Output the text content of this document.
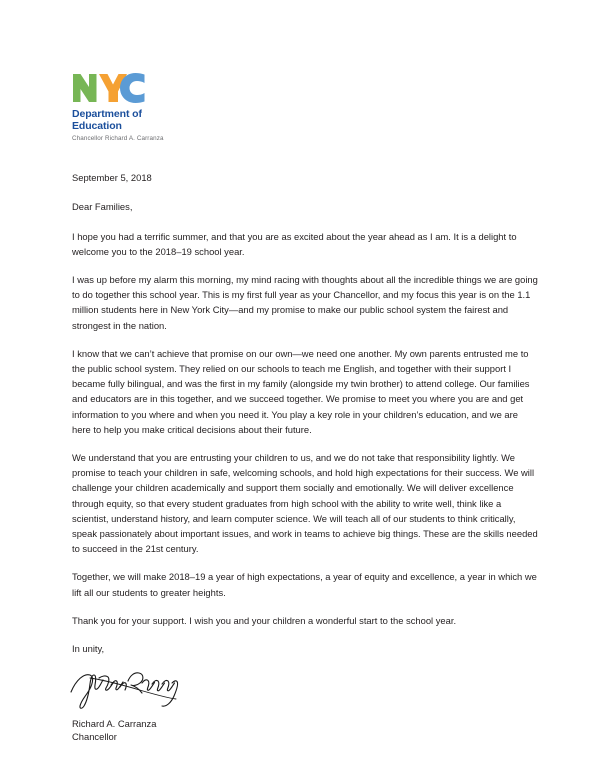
Department of
Education

Chancellor Richard A. Carranza

September 5, 2018

Dear Families,

I hope you had a terrific summer, and that you are as excited about the year ahead as I am. It is a delight to welcome you to the 2018–19 school year.

I was up before my alarm this morning, my mind racing with thoughts about all the incredible things we are going to do together this school year. This is my first full year as your Chancellor, and my focus this year is on the 1.1 million students here in New York City—and my promise to make our public school system the fairest and strongest in the nation.

I know that we can’t achieve that promise on our own—we need one another. My own parents entrusted me to the public school system. They relied on our schools to teach me English, and together with their support I became fully bilingual, and was the first in my family (alongside my twin brother) to attend college. Our families and educators are in this together, and we succeed together. We promise to meet you where you are and get information to you where and when you need it. You play a key role in your children’s education, and we are here to help you make critical decisions about their future.

We understand that you are entrusting your children to us, and we do not take that responsibility lightly. We promise to teach your children in safe, welcoming schools, and hold high expectations for their success. We will challenge your children academically and support them socially and emotionally. We will deliver excellence through equity, so that every student graduates from high school with the ability to write well, think like a scientist, understand history, and learn computer science. We will teach all of our students to think critically, speak passionately about important issues, and work in teams to achieve big things. These are the skills needed to succeed in the 21st century.

Together, we will make 2018–19 a year of high expectations, a year of equity and excellence, a year in which we lift all our students to greater heights.

Thank you for your support. I wish you and your children a wonderful start to the school year.

In unity,

Richard A. Carranza

Chancellor
